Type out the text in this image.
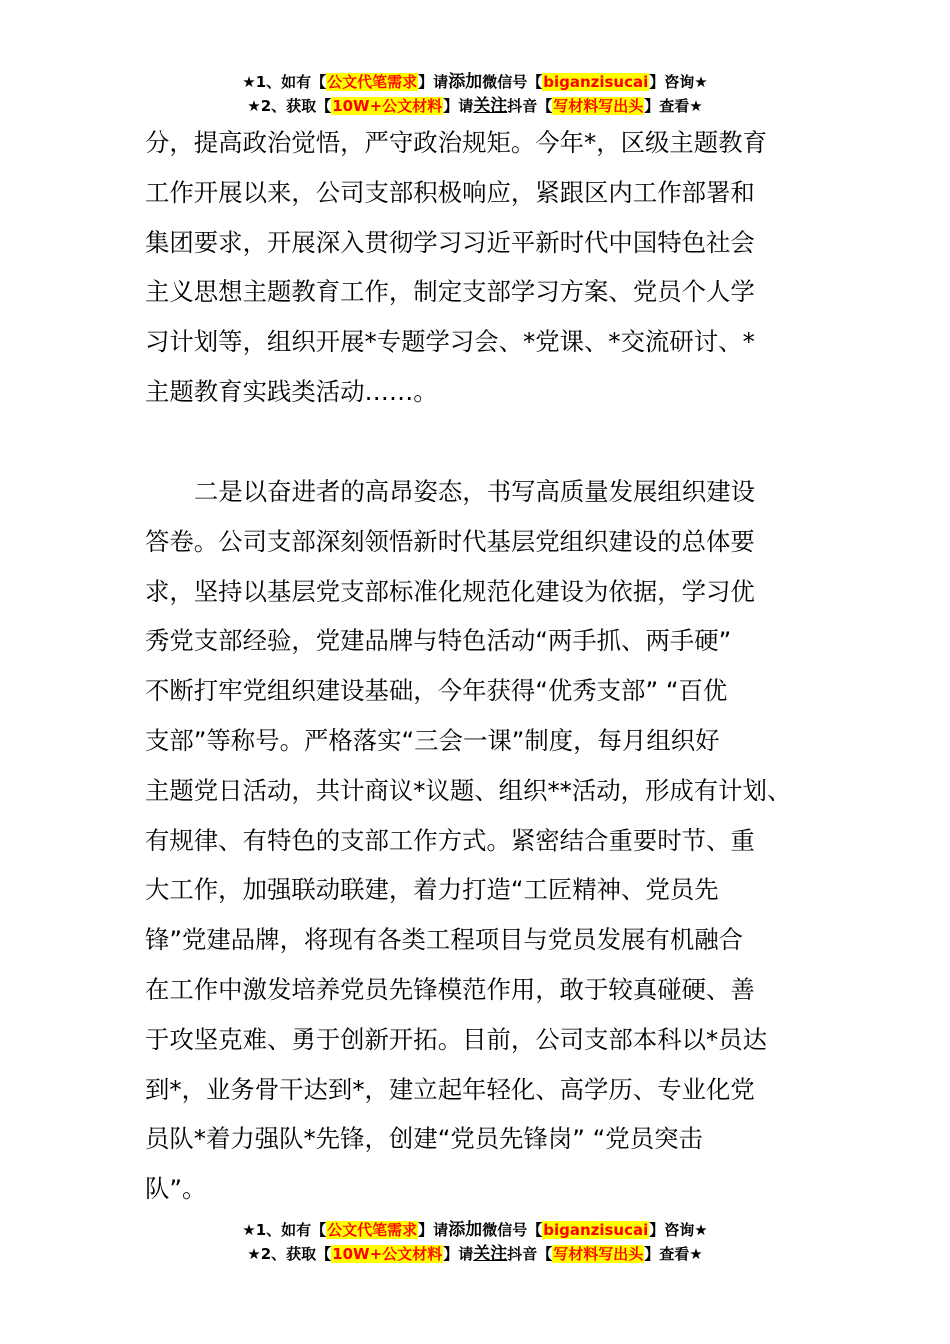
★1、如有【公文代笔需求】请添加微信号【biganzisucai】咨询★
★2、获取【10W+公文材料】请关注抖音【写材料写出头】查看★
分，提高政治觉悟，严守政治规矩。今年*，区级主题教育
工作开展以来，公司支部积极响应，紧跟区内工作部署和
集团要求，开展深入贯彻学习习近平新时代中国特色社会
主义思想主题教育工作，制定支部学习方案、党员个人学
习计划等，组织开展*专题学习会、*党课、*交流研讨、*
主题教育实践类活动……。
二是以奋进者的高昂姿态，书写高质量发展组织建设
答卷。公司支部深刻领悟新时代基层党组织建设的总体要
求，坚持以基层党支部标准化规范化建设为依据，学习优
秀党支部经验，党建品牌与特色活动“两手抓、两手硬”
不断打牢党组织建设基础，今年获得“优秀支部” “百优
支部”等称号。严格落实“三会一课”制度，每月组织好
主题党日活动，共计商议*议题、组织**活动，形成有计划、
有规律、有特色的支部工作方式。紧密结合重要时节、重
大工作，加强联动联建，着力打造“工匠精神、党员先
锋”党建品牌，将现有各类工程项目与党员发展有机融合
在工作中激发培养党员先锋模范作用，敢于较真碰硬、善
于攻坚克难、勇于创新开拓。目前，公司支部本科以*员达
到*，业务骨干达到*，建立起年轻化、高学历、专业化党
员队*着力强队*先锋，创建“党员先锋岗” “党员突击
队”。
★1、如有【公文代笔需求】请添加微信号【biganzisucai】咨询★
★2、获取【10W+公文材料】请关注抖音【写材料写出头】查看★
